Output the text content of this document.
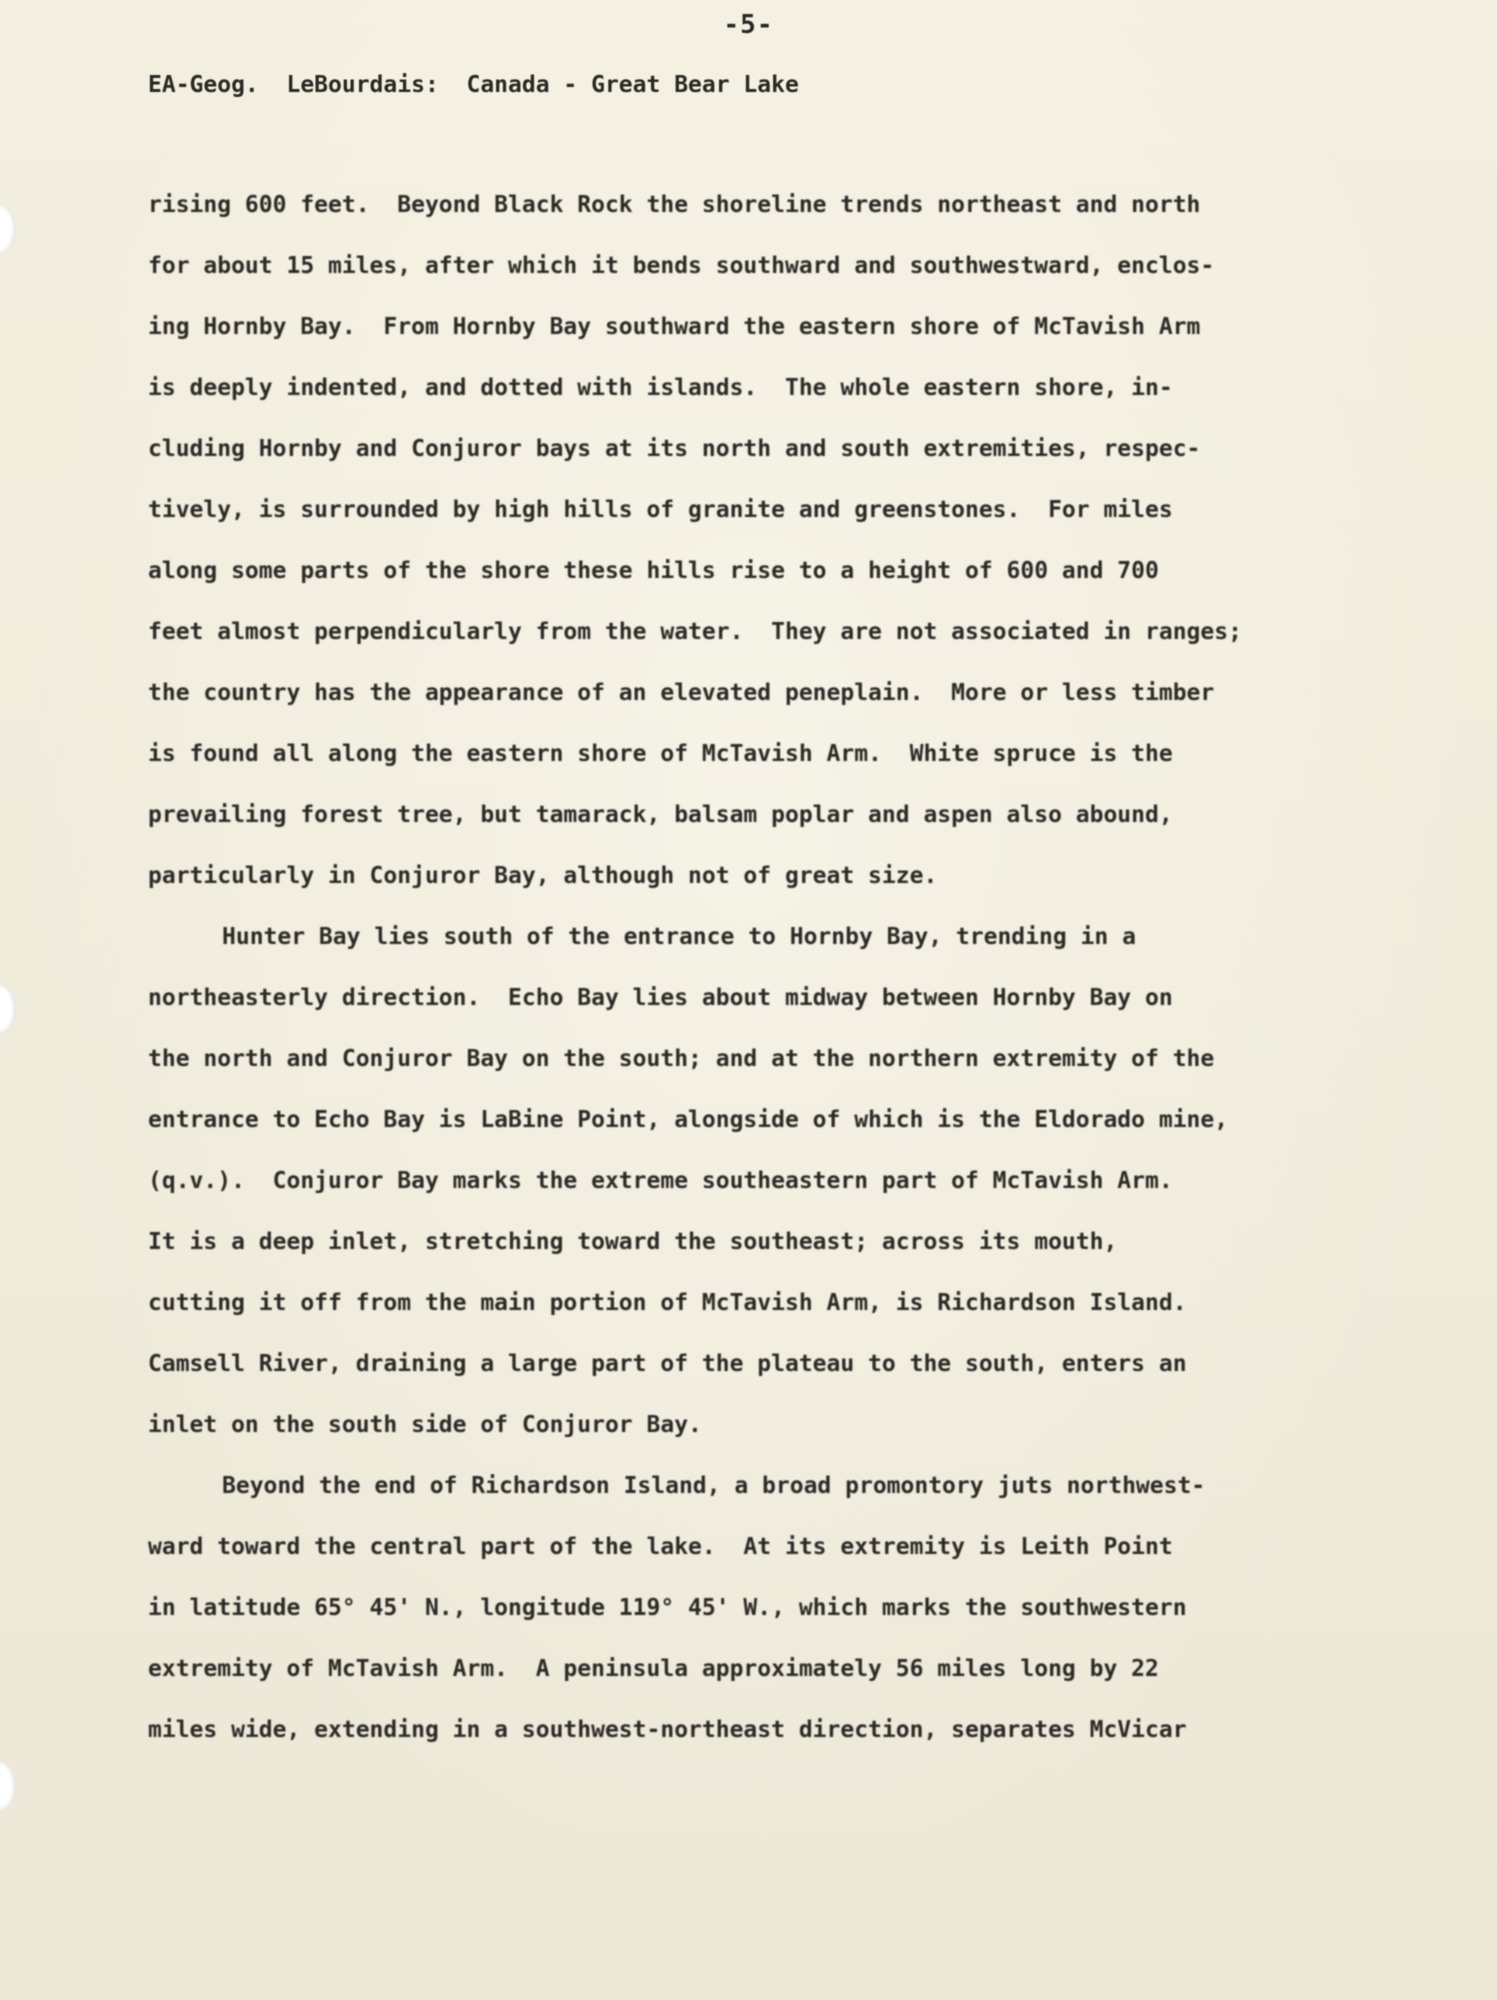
-5-
EA-Geog.  LeBourdais:  Canada - Great Bear Lake
rising 600 feet.  Beyond Black Rock the shoreline trends northeast and north
for about 15 miles, after which it bends southward and southwestward, enclos-
ing Hornby Bay.  From Hornby Bay southward the eastern shore of McTavish Arm
is deeply indented, and dotted with islands.  The whole eastern shore, in-
cluding Hornby and Conjuror bays at its north and south extremities, respec-
tively, is surrounded by high hills of granite and greenstones.  For miles
along some parts of the shore these hills rise to a height of 600 and 700
feet almost perpendicularly from the water.  They are not associated in ranges;
the country has the appearance of an elevated peneplain.  More or less timber
is found all along the eastern shore of McTavish Arm.  White spruce is the
prevailing forest tree, but tamarack, balsam poplar and aspen also abound,
particularly in Conjuror Bay, although not of great size.
Hunter Bay lies south of the entrance to Hornby Bay, trending in a
northeasterly direction.  Echo Bay lies about midway between Hornby Bay on
the north and Conjuror Bay on the south; and at the northern extremity of the
entrance to Echo Bay is LaBine Point, alongside of which is the Eldorado mine,
(q.v.).  Conjuror Bay marks the extreme southeastern part of McTavish Arm.
It is a deep inlet, stretching toward the southeast; across its mouth,
cutting it off from the main portion of McTavish Arm, is Richardson Island.
Camsell River, draining a large part of the plateau to the south, enters an
inlet on the south side of Conjuror Bay.
Beyond the end of Richardson Island, a broad promontory juts northwest-
ward toward the central part of the lake.  At its extremity is Leith Point
in latitude 65° 45' N., longitude 119° 45' W., which marks the southwestern
extremity of McTavish Arm.  A peninsula approximately 56 miles long by 22
miles wide, extending in a southwest-northeast direction, separates McVicar
